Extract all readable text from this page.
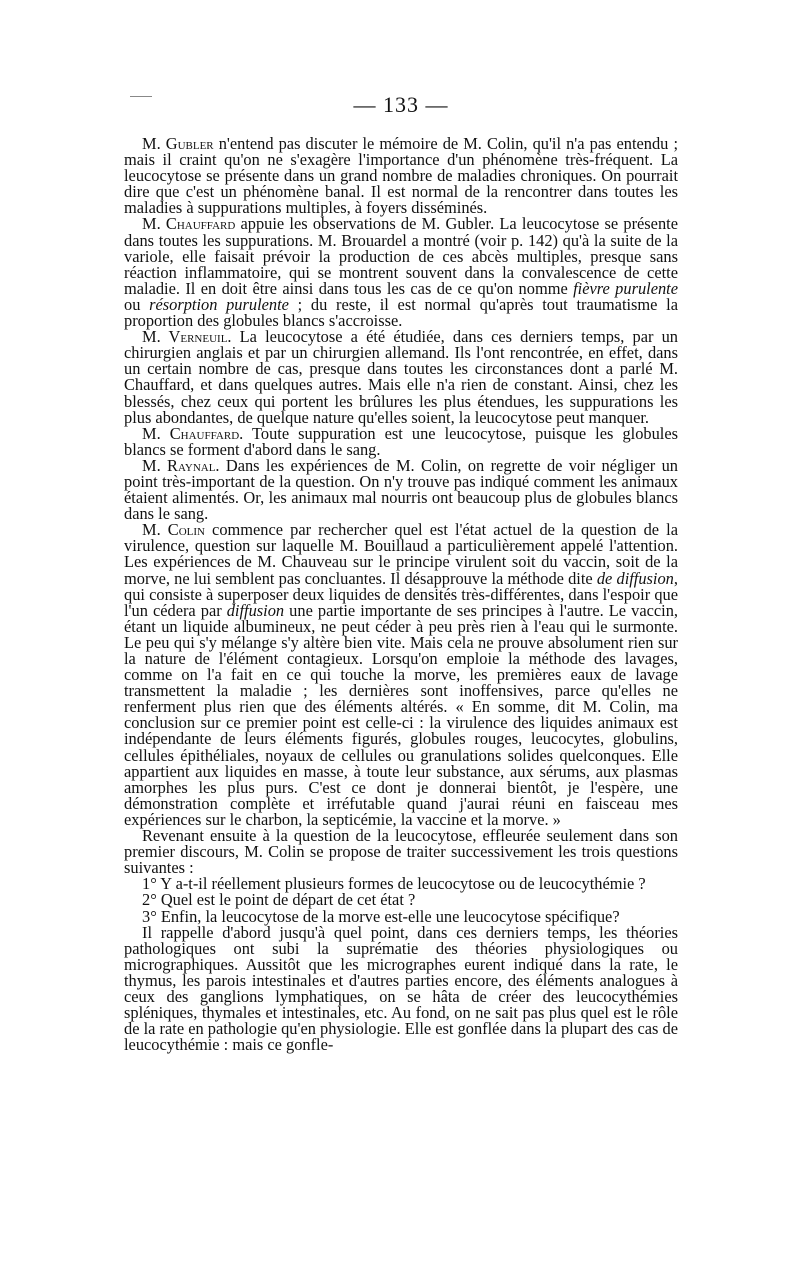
— 133 —

M. Gubler n'entend pas discuter le mémoire de M. Colin, qu'il n'a pas entendu ; mais il craint qu'on ne s'exagère l'importance d'un phénomène très-fréquent. La leucocytose se présente dans un grand nombre de maladies chroniques. On pourrait dire que c'est un phénomène banal. Il est normal de la rencontrer dans toutes les maladies à suppurations multiples, à foyers disséminés.

M. Chauffard appuie les observations de M. Gubler. La leucocytose se présente dans toutes les suppurations. M. Brouardel a montré (voir p. 142) qu'à la suite de la variole, elle faisait prévoir la production de ces abcès multiples, presque sans réaction inflammatoire, qui se montrent souvent dans la convalescence de cette maladie. Il en doit être ainsi dans tous les cas de ce qu'on nomme fièvre purulente ou résorption purulente ; du reste, il est normal qu'après tout traumatisme la proportion des globules blancs s'accroisse.

M. Verneuil. La leucocytose a été étudiée, dans ces derniers temps, par un chirurgien anglais et par un chirurgien allemand. Ils l'ont rencontrée, en effet, dans un certain nombre de cas, presque dans toutes les circonstances dont a parlé M. Chauffard, et dans quelques autres. Mais elle n'a rien de constant. Ainsi, chez les blessés, chez ceux qui portent les brûlures les plus étendues, les suppurations les plus abondantes, de quelque nature qu'elles soient, la leucocytose peut manquer.

M. Chauffard. Toute suppuration est une leucocytose, puisque les globules blancs se forment d'abord dans le sang.

M. Raynal. Dans les expériences de M. Colin, on regrette de voir négliger un point très-important de la question. On n'y trouve pas indiqué comment les animaux étaient alimentés. Or, les animaux mal nourris ont beaucoup plus de globules blancs dans le sang.

M. Colin commence par rechercher quel est l'état actuel de la question de la virulence, question sur laquelle M. Bouillaud a particulièrement appelé l'attention. Les expériences de M. Chauveau sur le principe virulent soit du vaccin, soit de la morve, ne lui semblent pas concluantes. Il désapprouve la méthode dite de diffusion, qui consiste à superposer deux liquides de densités très-différentes, dans l'espoir que l'un cédera par diffusion une partie importante de ses principes à l'autre. Le vaccin, étant un liquide albumineux, ne peut céder à peu près rien à l'eau qui le surmonte. Le peu qui s'y mélange s'y altère bien vite. Mais cela ne prouve absolument rien sur la nature de l'élément contagieux. Lorsqu'on emploie la méthode des lavages, comme on l'a fait en ce qui touche la morve, les premières eaux de lavage transmettent la maladie ; les dernières sont inoffensives, parce qu'elles ne renferment plus rien que des éléments altérés. « En somme, dit M. Colin, ma conclusion sur ce premier point est celle-ci : la virulence des liquides animaux est indépendante de leurs éléments figurés, globules rouges, leucocytes, globulins, cellules épithéliales, noyaux de cellules ou granulations solides quelconques. Elle appartient aux liquides en masse, à toute leur substance, aux sérums, aux plasmas amorphes les plus purs. C'est ce dont je donnerai bientôt, je l'espère, une démonstration complète et irréfutable quand j'aurai réuni en faisceau mes expériences sur le charbon, la septicémie, la vaccine et la morve. »

Revenant ensuite à la question de la leucocytose, effleurée seulement dans son premier discours, M. Colin se propose de traiter successivement les trois questions suivantes :

1° Y a-t-il réellement plusieurs formes de leucocytose ou de leucocythémie ?

2° Quel est le point de départ de cet état ?

3° Enfin, la leucocytose de la morve est-elle une leucocytose spécifique?

Il rappelle d'abord jusqu'à quel point, dans ces derniers temps, les théories pathologiques ont subi la suprématie des théories physiologiques ou micrographiques. Aussitôt que les micrographes eurent indiqué dans la rate, le thymus, les parois intestinales et d'autres parties encore, des éléments analogues à ceux des ganglions lymphatiques, on se hâta de créer des leucocythémies spléniques, thymales et intestinales, etc. Au fond, on ne sait pas plus quel est le rôle de la rate en pathologie qu'en physiologie. Elle est gonflée dans la plupart des cas de leucocythémie : mais ce gonfle-
